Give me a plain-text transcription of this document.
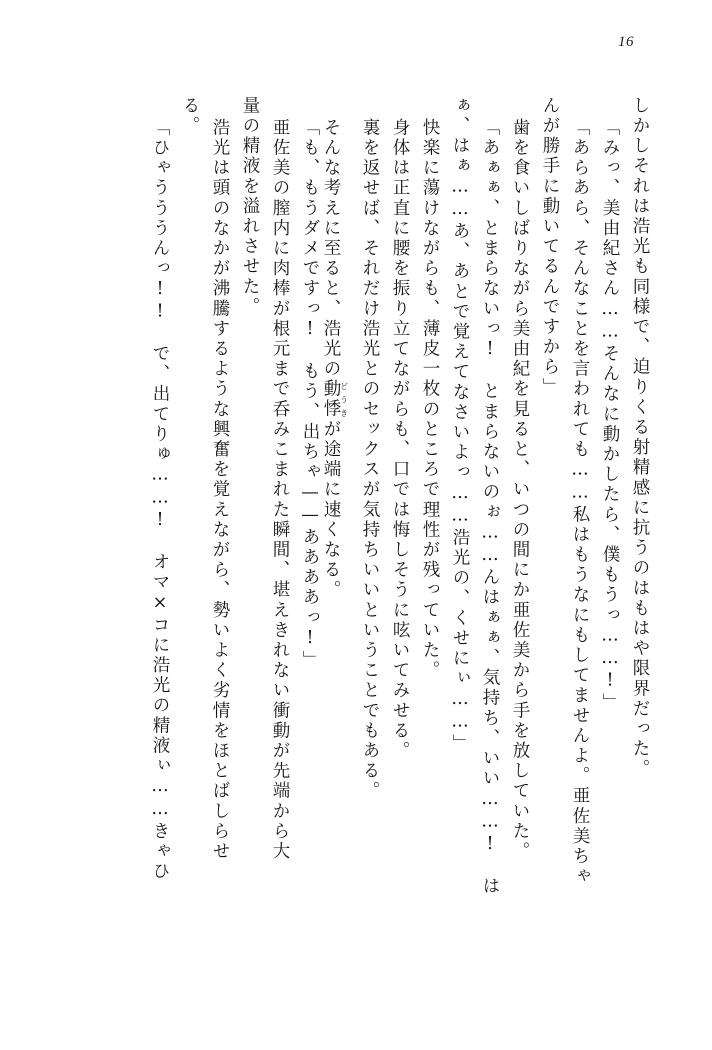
16
しかしそれは浩光も同様で、迫りくる射精感に抗うのはもはや限界だった。
「みっ、美由紀さん……そんなに動かしたら、僕もうっ……!」
「あらあら、そんなことを言われても……私はもうなにもしてませんよ。亜佐美ちゃ
んが勝手に動いてるんですから」
歯を食いしばりながら美由紀を見ると、いつの間にか亜佐美から手を放していた。
「あぁぁ、とまらないっ!　とまらないのぉ……んはぁぁ、気持ち、いい……!　は
ぁ、はぁ……あ、あとで覚えてなさいよっ……浩光の、くせにぃ……」
快楽に蕩けながらも、薄皮一枚のところで理性が残っていた。
身体は正直に腰を振り立てながらも、口では悔しそうに呟いてみせる。
裏を返せば、それだけ浩光とのセックスが気持ちいいということでもある。
そんな考えに至ると、浩光の動悸どうきが途端に速くなる。
「も、もうダメですっ!　もう、出ちゃ——ああああっ!」
亜佐美の膣内に肉棒が根元まで呑みこまれた瞬間、堪えきれない衝動が先端から大
量の精液を溢れさせた。
浩光は頭のなかが沸騰するような興奮を覚えながら、勢いよく劣情をほとばしらせ
る。
「ひゃうううんっ!!　で、出てりゅ……!　オマ×コに浩光の精液ぃ……きゃひ
